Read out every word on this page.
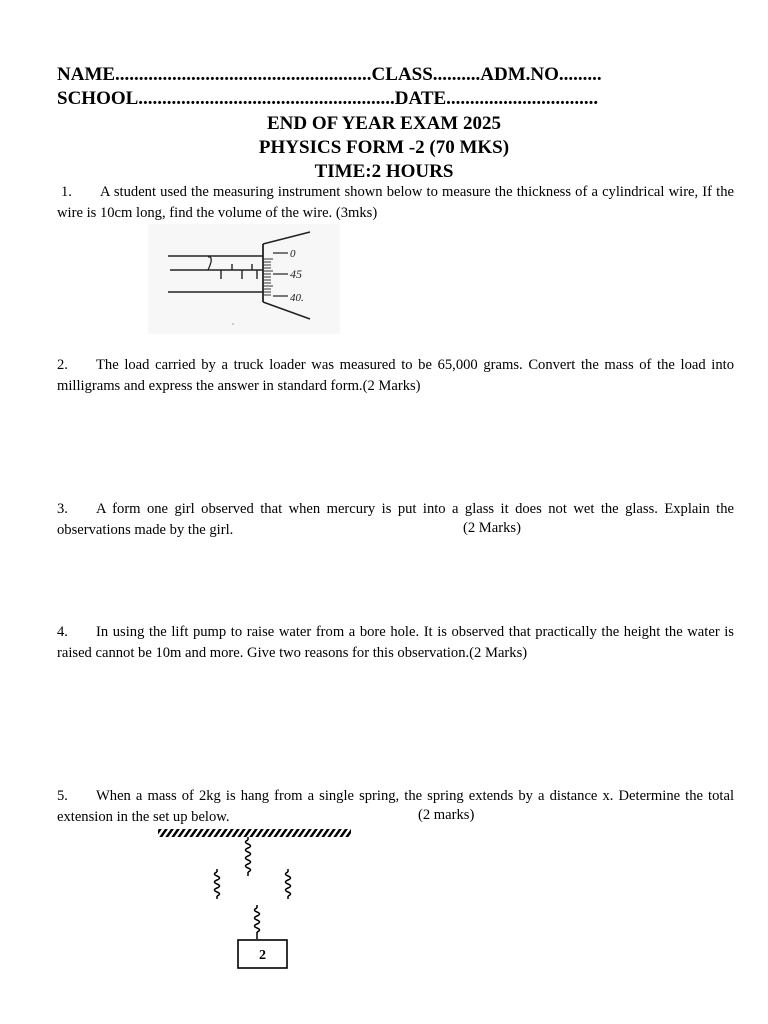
NAME......................................................CLASS..........ADM.NO.........
SCHOOL......................................................DATE................................
END OF YEAR EXAM 2025
PHYSICS FORM -2 (70 MKS)
TIME:2 HOURS

1. A student used the measuring instrument shown below to measure the thickness of a cylindrical wire, If the wire is 10cm long, find the volume of the wire. (3mks)

0
45
40.

2. The load carried by a truck loader was measured to be 65,000 grams. Convert the mass of the load into milligrams and express the answer in standard form.(2 Marks)

3. A form one girl observed that when mercury is put into a glass it does not wet the glass. Explain the observations made by the girl.	(2 Marks)

4. In using the lift pump to raise water from a bore hole. It is observed that practically the height the water is raised cannot be 10m and more. Give two reasons for this observation.(2 Marks)

5. When a mass of 2kg is hang from a single spring, the spring extends by a distance x. Determine the total extension in the set up below.	(2 marks)
2
